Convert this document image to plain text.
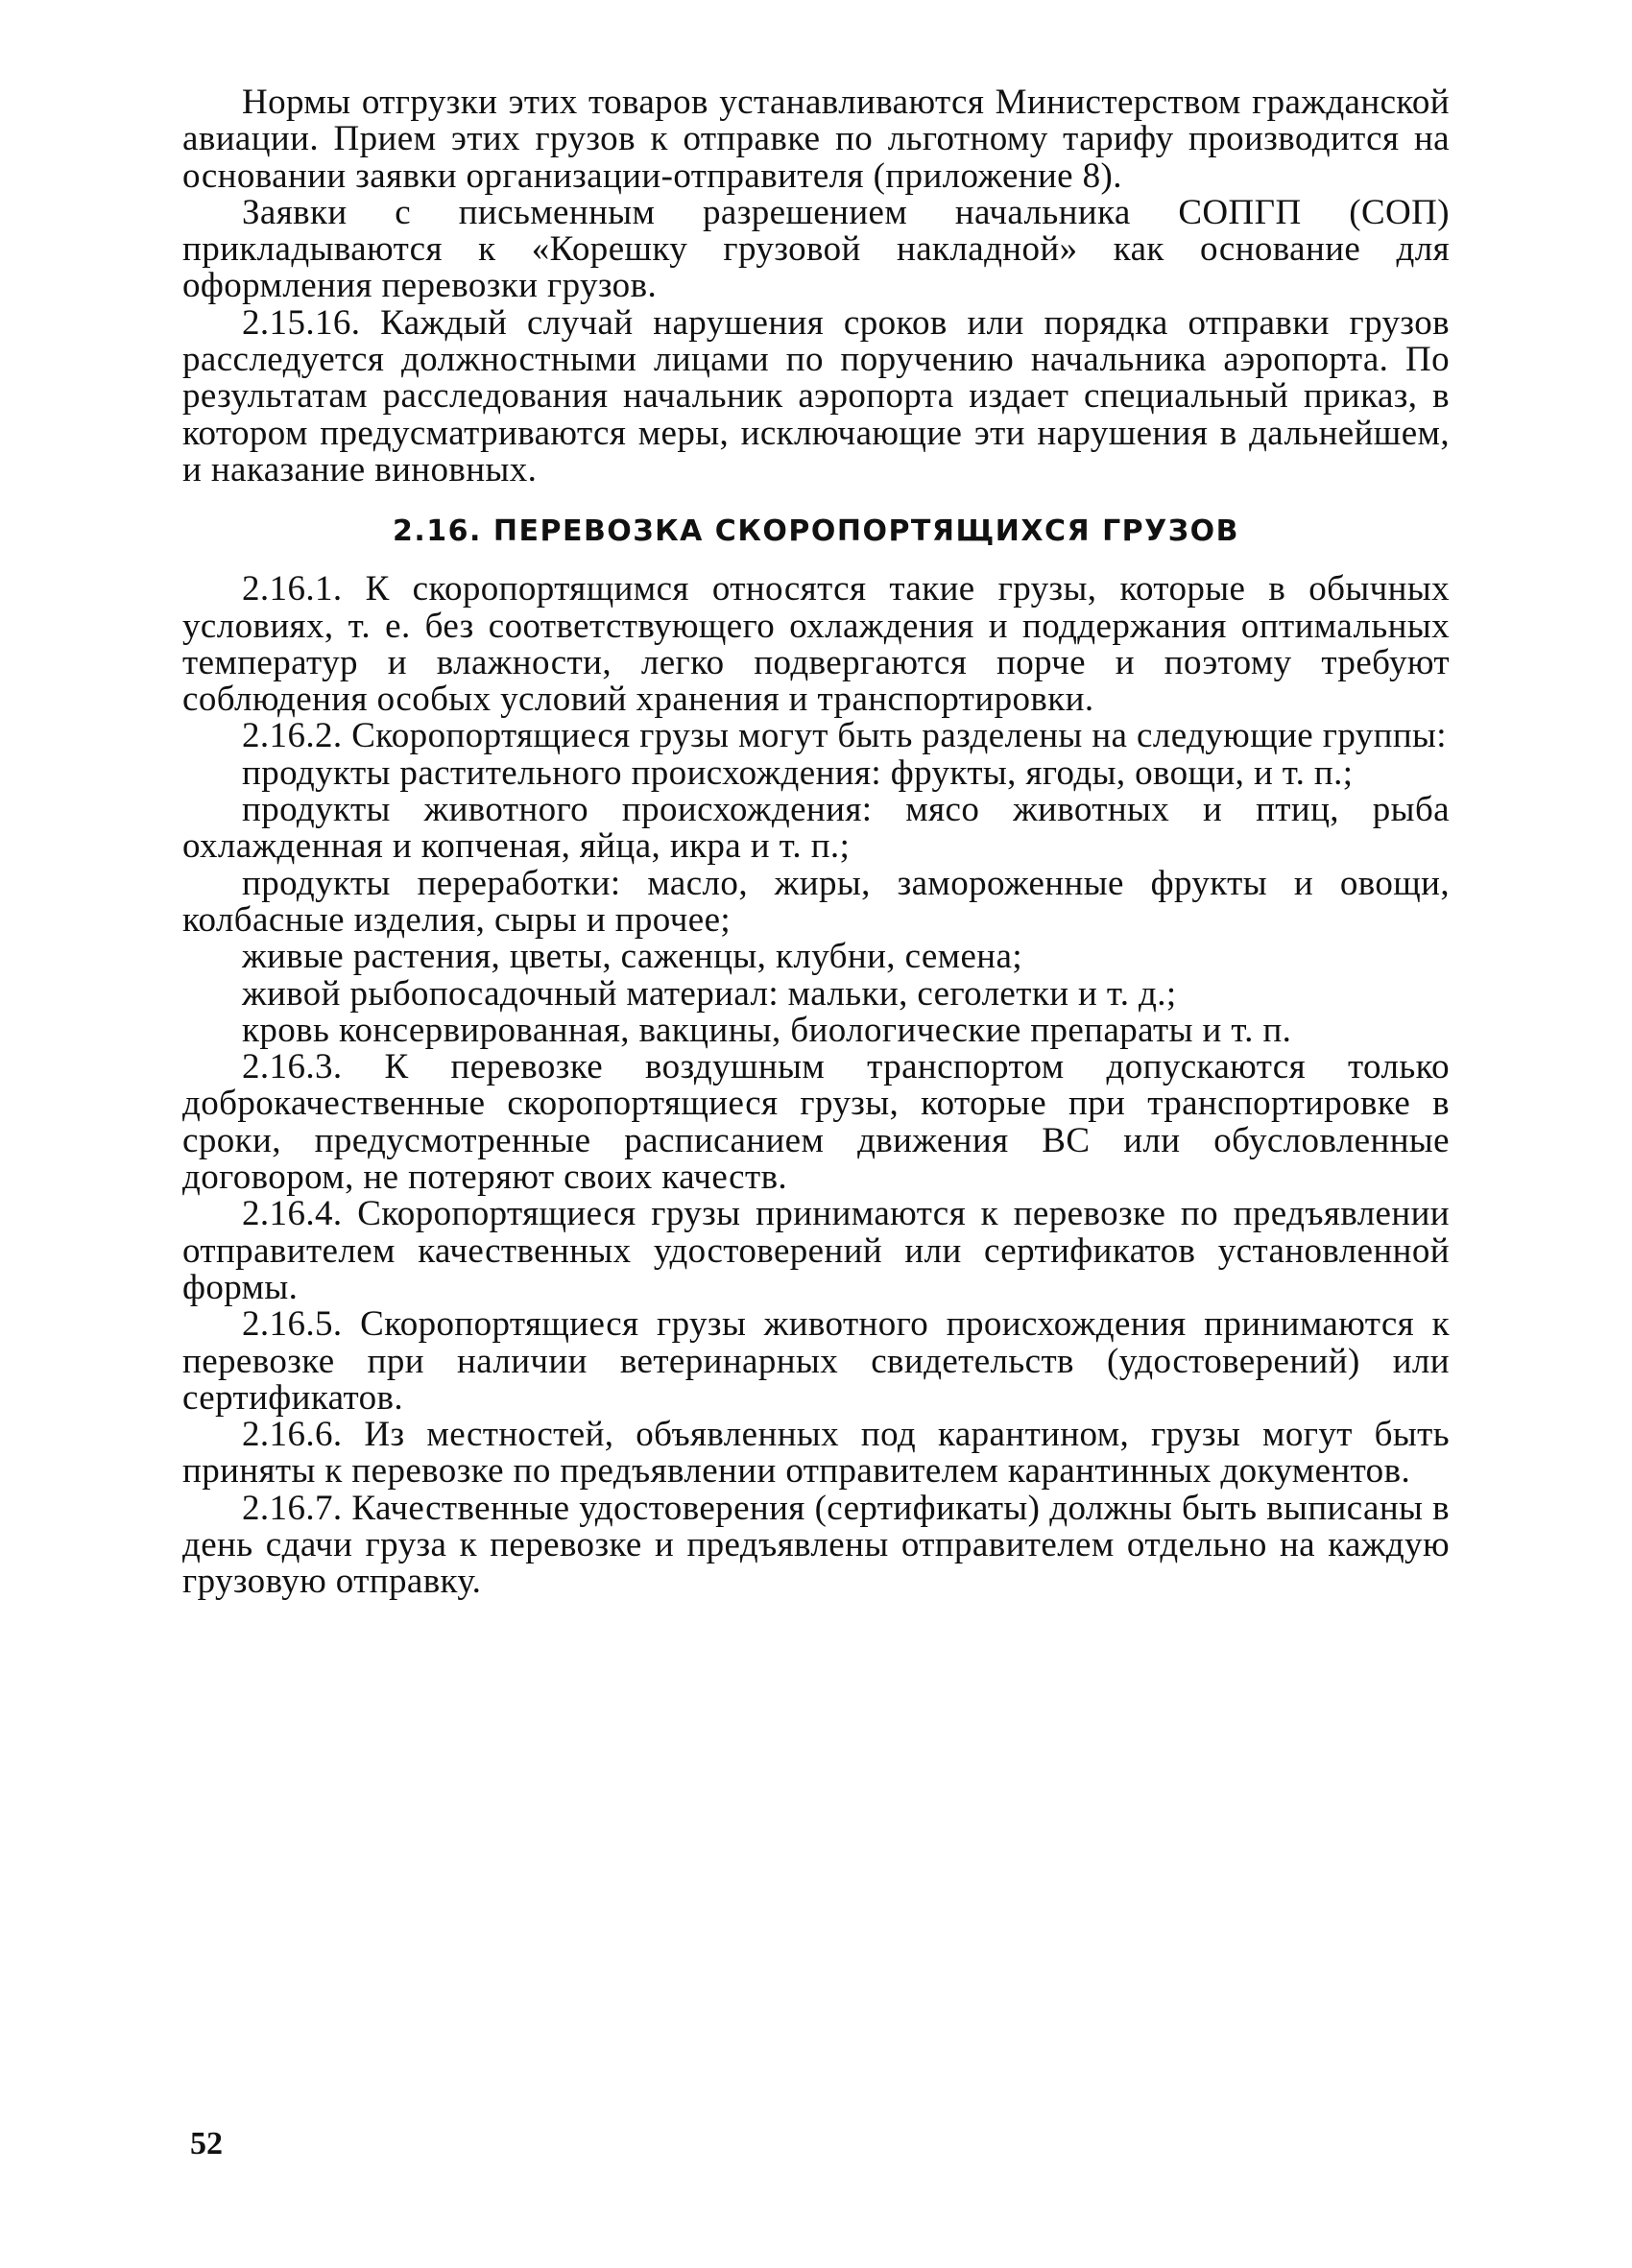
Нормы отгрузки этих товаров устанавливаются Министерством гражданской авиации. Прием этих грузов к отправке по льготному тарифу производится на основании заявки организации-отправителя (приложение 8).

Заявки с письменным разрешением начальника СОПГП (СОП) прикладываются к «Корешку грузовой накладной» как основание для оформления перевозки грузов.

2.15.16. Каждый случай нарушения сроков или порядка отправки грузов расследуется должностными лицами по поручению начальника аэропорта. По результатам расследования начальник аэропорта издает специальный приказ, в котором предусматриваются меры, исключающие эти нарушения в дальнейшем, и наказание виновных.

2.16. ПЕРЕВОЗКА СКОРОПОРТЯЩИХСЯ ГРУЗОВ

2.16.1. К скоропортящимся относятся такие грузы, которые в обычных условиях, т. е. без соответствующего охлаждения и поддержания оптимальных температур и влажности, легко подвергаются порче и поэтому требуют соблюдения особых условий хранения и транспортировки.

2.16.2. Скоропортящиеся грузы могут быть разделены на следующие группы:

продукты растительного происхождения: фрукты, ягоды, овощи, и т. п.;

продукты животного происхождения: мясо животных и птиц, рыба охлажденная и копченая, яйца, икра и т. п.;

продукты переработки: масло, жиры, замороженные фрукты и овощи, колбасные изделия, сыры и прочее;

живые растения, цветы, саженцы, клубни, семена;

живой рыбопосадочный материал: мальки, сеголетки и т. д.;

кровь консервированная, вакцины, биологические препараты и т. п.

2.16.3. К перевозке воздушным транспортом допускаются только доброкачественные скоропортящиеся грузы, которые при транспортировке в сроки, предусмотренные расписанием движения ВС или обусловленные договором, не потеряют своих качеств.

2.16.4. Скоропортящиеся грузы принимаются к перевозке по предъявлении отправителем качественных удостоверений или сертификатов установленной формы.

2.16.5. Скоропортящиеся грузы животного происхождения принимаются к перевозке при наличии ветеринарных свидетельств (удостоверений) или сертификатов.

2.16.6. Из местностей, объявленных под карантином, грузы могут быть приняты к перевозке по предъявлении отправителем карантинных документов.

2.16.7. Качественные удостоверения (сертификаты) должны быть выписаны в день сдачи груза к перевозке и предъявлены отправителем отдельно на каждую грузовую отправку.

52
